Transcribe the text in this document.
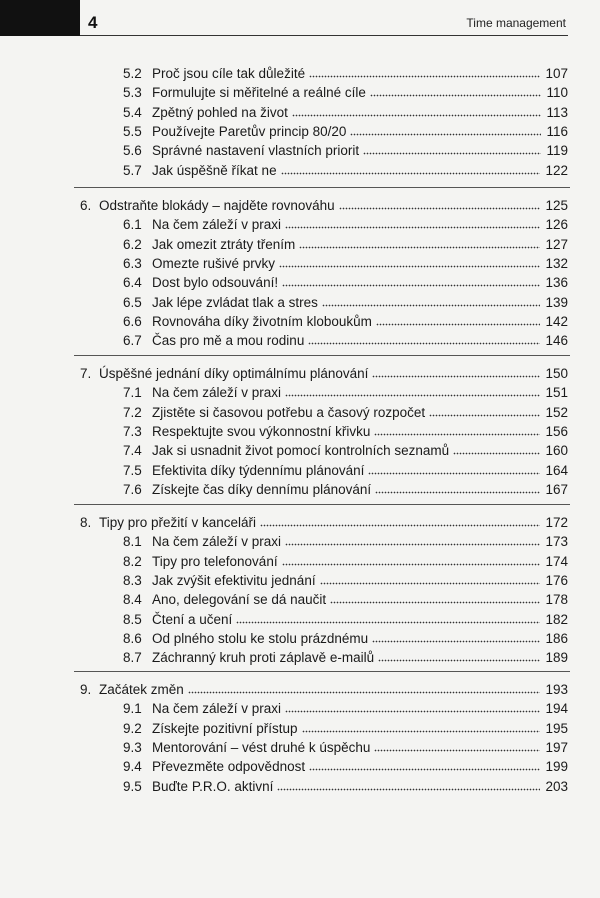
4	Time management
5.2 Proč jsou cíle tak důležité	107
5.3 Formulujte si měřitelné a reálné cíle	110
5.4 Zpětný pohled na život	113
5.5 Používejte Paretův princip 80/20	116
5.6 Správné nastavení vlastních priorit	119
5.7 Jak úspěšně říkat ne	122
6. Odstraňte blokády – najděte rovnováhu	125
6.1 Na čem záleží v praxi	126
6.2 Jak omezit ztráty třením	127
6.3 Omezte rušivé prvky	132
6.4 Dost bylo odsouvání!	136
6.5 Jak lépe zvládat tlak a stres	139
6.6 Rovnováha díky životním kloboukům	142
6.7 Čas pro mě a mou rodinu	146
7. Úspěšné jednání díky optimálnímu plánování	150
7.1 Na čem záleží v praxi	151
7.2 Zjistěte si časovou potřebu a časový rozpočet	152
7.3 Respektujte svou výkonnostní křivku	156
7.4 Jak si usnadnit život pomocí kontrolních seznamů	160
7.5 Efektivita díky týdennímu plánování	164
7.6 Získejte čas díky dennímu plánování	167
8. Tipy pro přežití v kanceláři	172
8.1 Na čem záleží v praxi	173
8.2 Tipy pro telefonování	174
8.3 Jak zvýšit efektivitu jednání	176
8.4 Ano, delegování se dá naučit	178
8.5 Čtení a učení	182
8.6 Od plného stolu ke stolu prázdnému	186
8.7 Záchranný kruh proti záplavě e-mailů	189
9. Začátek změn	193
9.1 Na čem záleží v praxi	194
9.2 Získejte pozitivní přístup	195
9.3 Mentorování – vést druhé k úspěchu	197
9.4 Převezměte odpovědnost	199
9.5 Buďte P.R.O. aktivní	203
